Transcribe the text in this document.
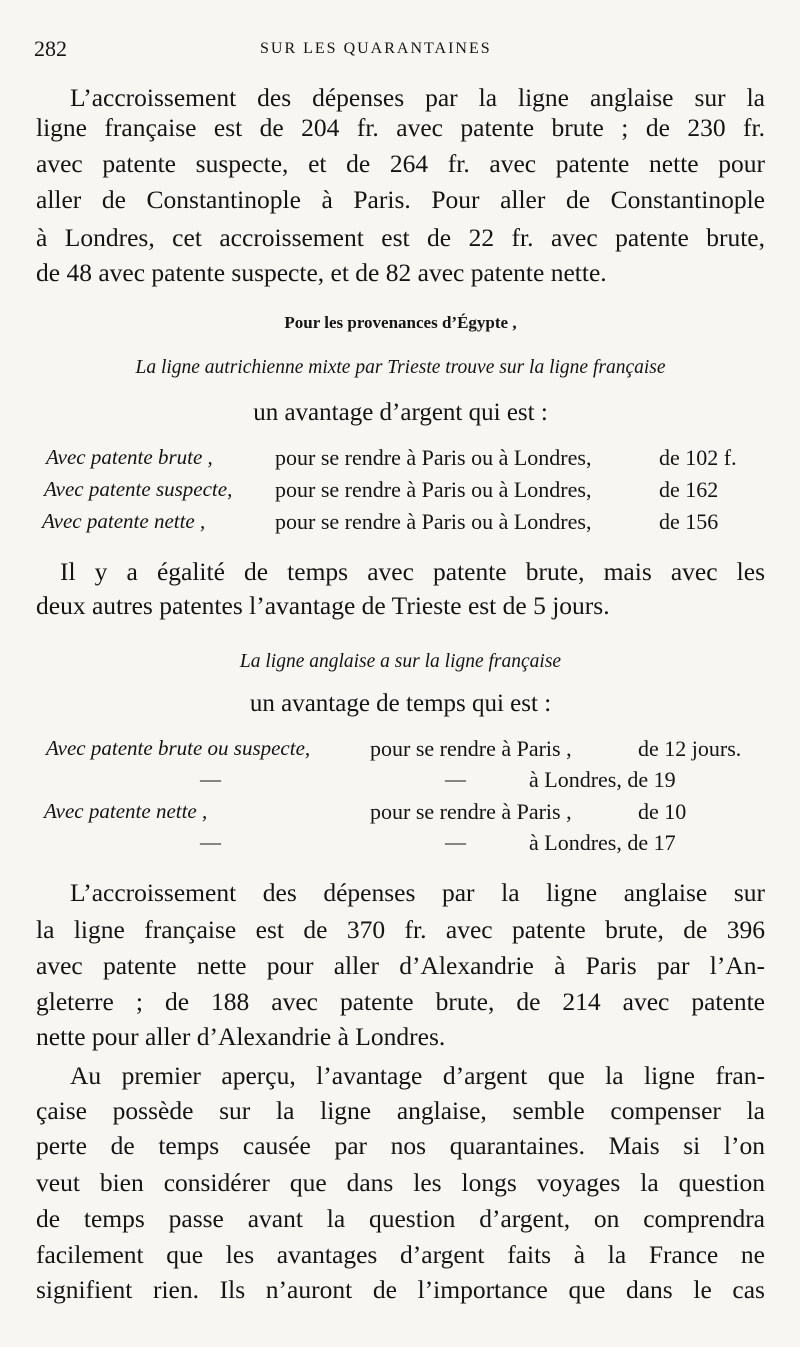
282	SUR LES QUARANTAINES
L’accroissement des dépenses par la ligne anglaise sur la
ligne française est de 204 fr. avec patente brute ; de 230 fr.
avec patente suspecte, et de 264 fr. avec patente nette pour
aller de Constantinople à Paris. Pour aller de Constantinople
à Londres, cet accroissement est de 22 fr. avec patente brute,
de 48 avec patente suspecte, et de 82 avec patente nette.
Pour les provenances d’Égypte ,
La ligne autrichienne mixte par Trieste trouve sur la ligne française
un avantage d’argent qui est :
Avec patente brute ,	pour se rendre à Paris ou à Londres,	de 102 f.
Avec patente suspecte, pour se rendre à Paris ou à Londres,	de 162
Avec patente nette ,	pour se rendre à Paris ou à Londres,	de 156
Il y a égalité de temps avec patente brute, mais avec les
deux autres patentes l’avantage de Trieste est de 5 jours.
La ligne anglaise a sur la ligne française
un avantage de temps qui est :
Avec patente brute ou suspecte,	pour se rendre à Paris ,	de 12 jours.
—	—	à Londres, de 19
Avec patente nette ,	pour se rendre à Paris ,	de 10
—	—	à Londres, de 17
L’accroissement des dépenses par la ligne anglaise sur
la ligne française est de 370 fr. avec patente brute, de 396
avec patente nette pour aller d’Alexandrie à Paris par l’An-
gleterre ; de 188 avec patente brute, de 214 avec patente
nette pour aller d’Alexandrie à Londres.
Au premier aperçu, l’avantage d’argent que la ligne fran-
çaise possède sur la ligne anglaise, semble compenser la
perte de temps causée par nos quarantaines. Mais si l’on
veut bien considérer que dans les longs voyages la question
de temps passe avant la question d’argent, on comprendra
facilement que les avantages d’argent faits à la France ne
signifient rien. Ils n’auront de l’importance que dans le cas
